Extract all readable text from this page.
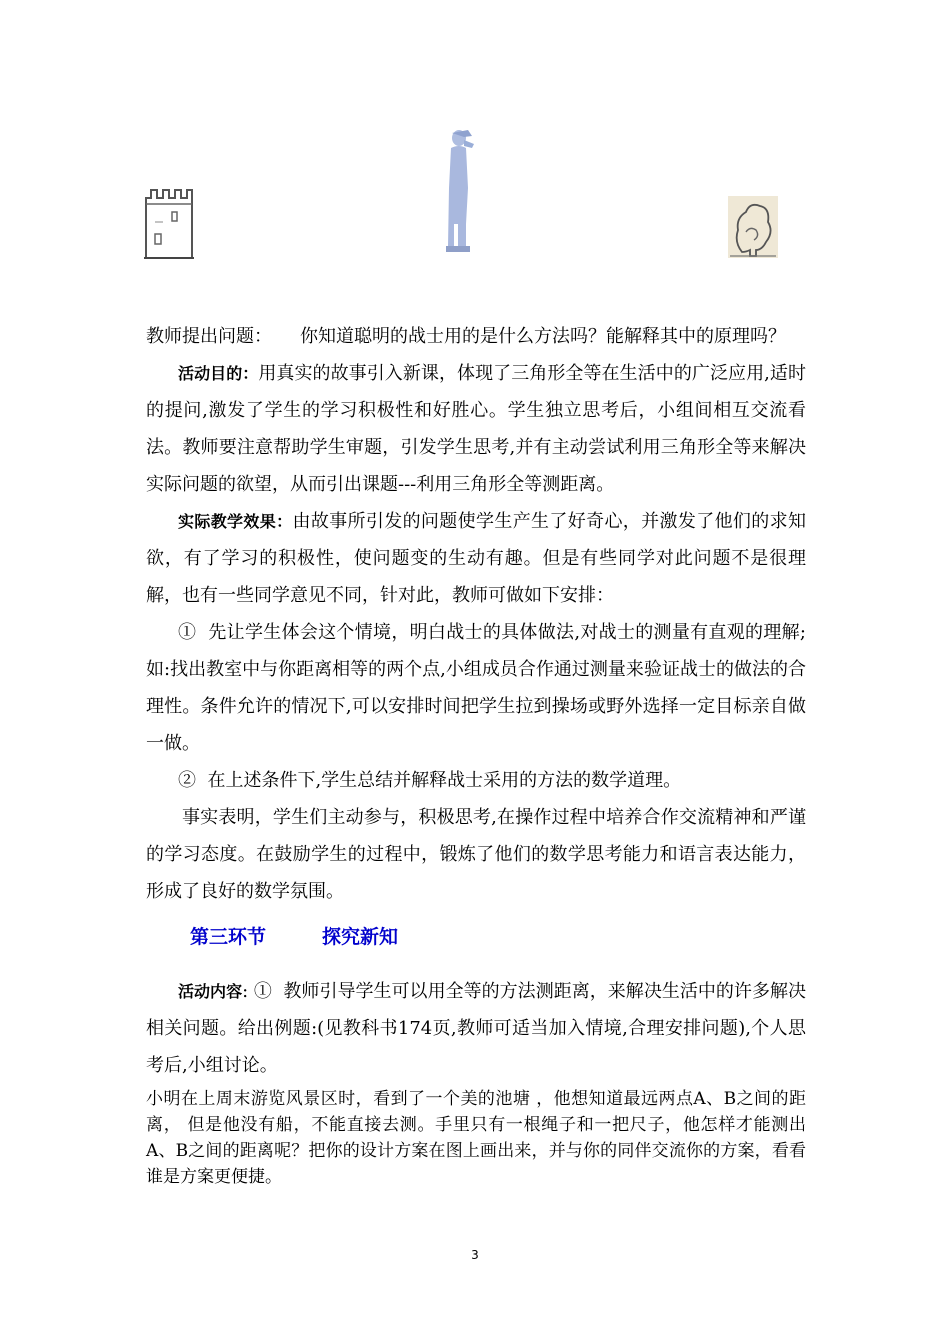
教师提出问题： 你知道聪明的战士用的是什么方法吗？能解释其中的原理吗？

活动目的：用真实的故事引入新课，体现了三角形全等在生活中的广泛应用,适时的提问,激发了学生的学习积极性和好胜心。学生独立思考后，小组间相互交流看法。教师要注意帮助学生审题，引发学生思考,并有主动尝试利用三角形全等来解决实际问题的欲望，从而引出课题---利用三角形全等测距离。

实际教学效果：由故事所引发的问题使学生产生了好奇心，并激发了他们的求知欲，有了学习的积极性，使问题变的生动有趣。但是有些同学对此问题不是很理解，也有一些同学意见不同，针对此，教师可做如下安排：

①  先让学生体会这个情境，明白战士的具体做法,对战士的测量有直观的理解;如:找出教室中与你距离相等的两个点,小组成员合作通过测量来验证战士的做法的合理性。条件允许的情况下,可以安排时间把学生拉到操场或野外选择一定目标亲自做一做。

②  在上述条件下,学生总结并解释战士采用的方法的数学道理。

事实表明，学生们主动参与，积极思考,在操作过程中培养合作交流精神和严谨的学习态度。在鼓励学生的过程中，锻炼了他们的数学思考能力和语言表达能力，形成了良好的数学氛围。

第三环节	探究新知

活动内容: ①  教师引导学生可以用全等的方法测距离，来解决生活中的许多解决相关问题。给出例题:(见教科书174页,教师可适当加入情境,合理安排问题),个人思考后,小组讨论。

小明在上周末游览风景区时，看到了一个美的池塘 ，他想知道最远两点A、B之间的距离， 但是他没有船，不能直接去测。手里只有一根绳子和一把尺子，他怎样才能测出A、B之间的距离呢？把你的设计方案在图上画出来，并与你的同伴交流你的方案，看看谁是方案更便捷。

3
